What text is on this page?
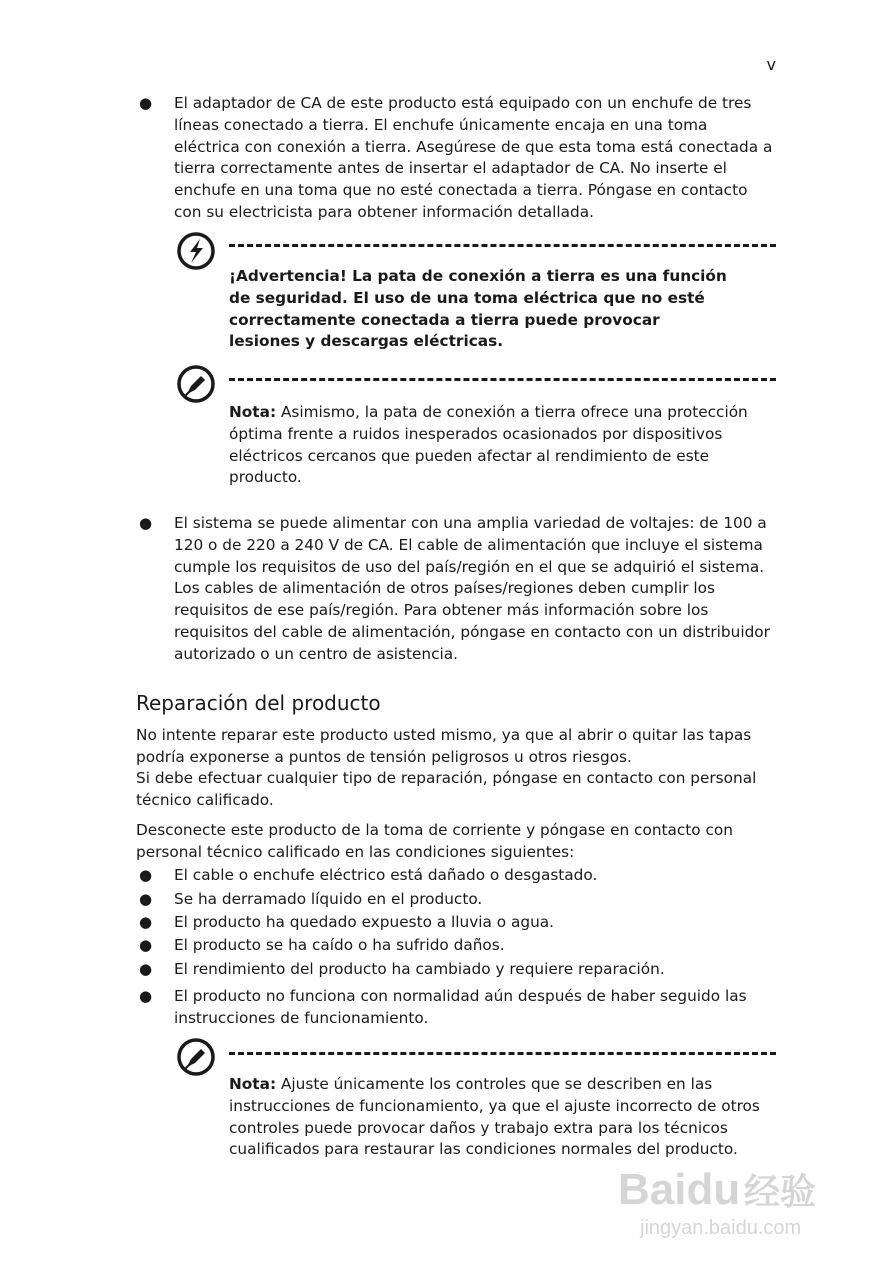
v
● El adaptador de CA de este producto está equipado con un enchufe de tres líneas conectado a tierra. El enchufe únicamente encaja en una toma eléctrica con conexión a tierra. Asegúrese de que esta toma está conectada a tierra correctamente antes de insertar el adaptador de CA. No inserte el enchufe en una toma que no esté conectada a tierra. Póngase en contacto con su electricista para obtener información detallada.
¡Advertencia! La pata de conexión a tierra es una función de seguridad. El uso de una toma eléctrica que no esté correctamente conectada a tierra puede provocar lesiones y descargas eléctricas.
Nota: Asimismo, la pata de conexión a tierra ofrece una protección óptima frente a ruidos inesperados ocasionados por dispositivos eléctricos cercanos que pueden afectar al rendimiento de este producto.
● El sistema se puede alimentar con una amplia variedad de voltajes: de 100 a 120 o de 220 a 240 V de CA. El cable de alimentación que incluye el sistema cumple los requisitos de uso del país/región en el que se adquirió el sistema. Los cables de alimentación de otros países/regiones deben cumplir los requisitos de ese país/región. Para obtener más información sobre los requisitos del cable de alimentación, póngase en contacto con un distribuidor autorizado o un centro de asistencia.
Reparación del producto
No intente reparar este producto usted mismo, ya que al abrir o quitar las tapas podría exponerse a puntos de tensión peligrosos u otros riesgos.
Si debe efectuar cualquier tipo de reparación, póngase en contacto con personal técnico calificado.
Desconecte este producto de la toma de corriente y póngase en contacto con personal técnico calificado en las condiciones siguientes:
● El cable o enchufe eléctrico está dañado o desgastado.
● Se ha derramado líquido en el producto.
● El producto ha quedado expuesto a lluvia o agua.
● El producto se ha caído o ha sufrido daños.
● El rendimiento del producto ha cambiado y requiere reparación.
● El producto no funciona con normalidad aún después de haber seguido las instrucciones de funcionamiento.
Nota: Ajuste únicamente los controles que se describen en las instrucciones de funcionamiento, ya que el ajuste incorrecto de otros controles puede provocar daños y trabajo extra para los técnicos cualificados para restaurar las condiciones normales del producto.
Baidu 经验
jingyan.baidu.com
